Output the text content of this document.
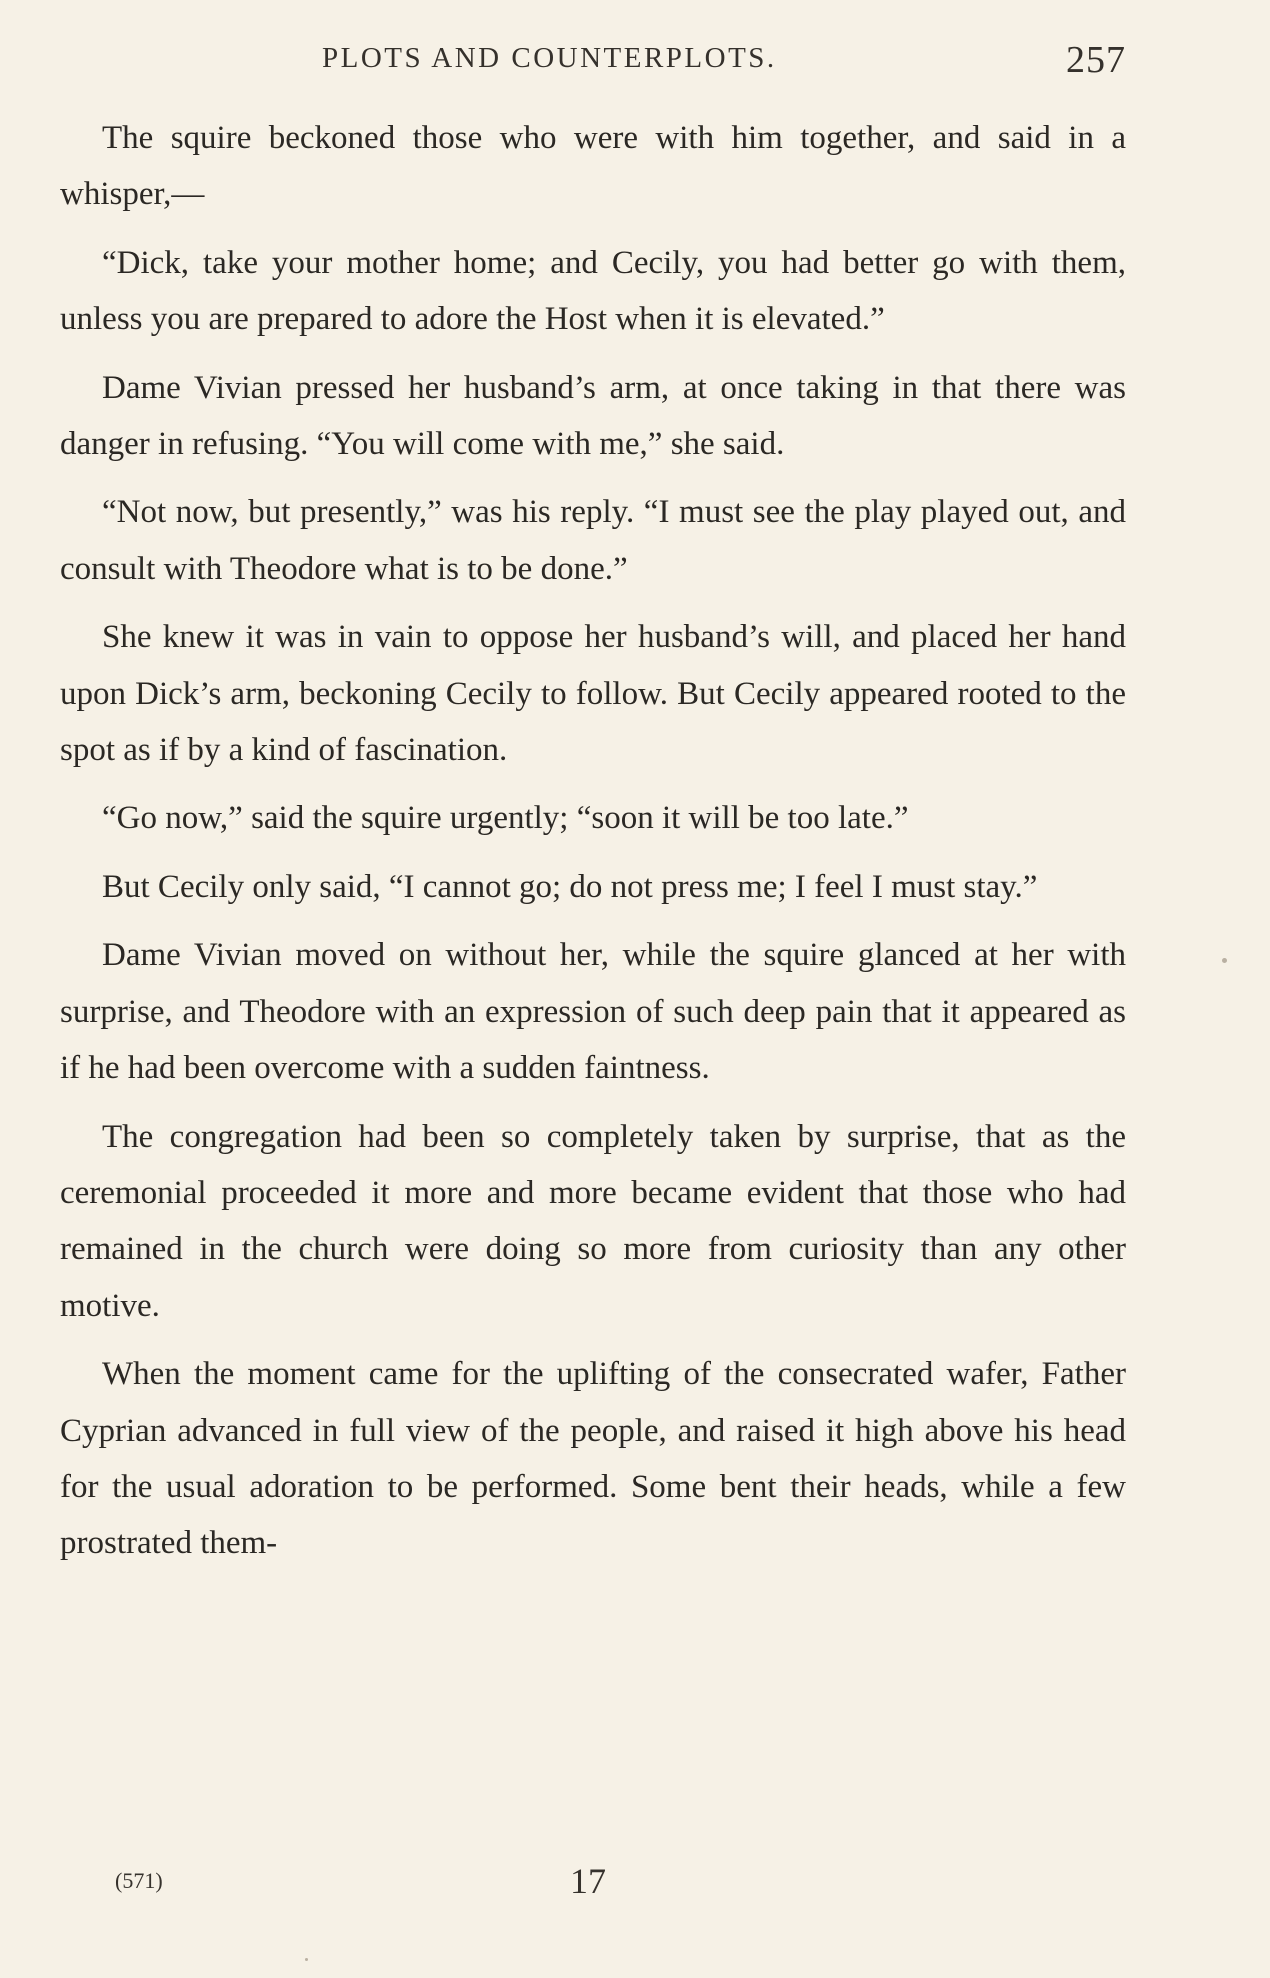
PLOTS AND COUNTERPLOTS.	257

The squire beckoned those who were with him together, and said in a whisper,—

“Dick, take your mother home; and Cecily, you had better go with them, unless you are prepared to adore the Host when it is elevated.”

Dame Vivian pressed her husband’s arm, at once taking in that there was danger in refusing. “You will come with me,” she said.

“Not now, but presently,” was his reply. “I must see the play played out, and consult with Theodore what is to be done.”

She knew it was in vain to oppose her husband’s will, and placed her hand upon Dick’s arm, beckoning Cecily to follow. But Cecily appeared rooted to the spot as if by a kind of fascination.

“Go now,” said the squire urgently; “soon it will be too late.”

But Cecily only said, “I cannot go; do not press me; I feel I must stay.”

Dame Vivian moved on without her, while the squire glanced at her with surprise, and Theodore with an expression of such deep pain that it appeared as if he had been overcome with a sudden faintness.

The congregation had been so completely taken by surprise, that as the ceremonial proceeded it more and more became evident that those who had remained in the church were doing so more from curiosity than any other motive.

When the moment came for the uplifting of the consecrated wafer, Father Cyprian advanced in full view of the people, and raised it high above his head for the usual adoration to be performed. Some bent their heads, while a few prostrated them-

(571)	17
